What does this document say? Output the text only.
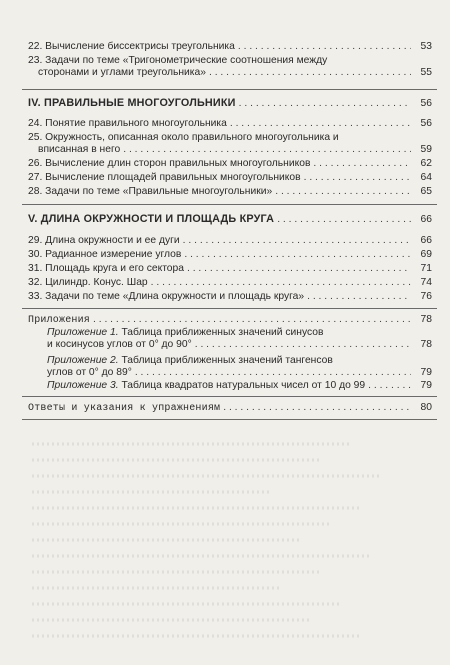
22. Вычисление биссектрисы треугольника . . .	53
23. Задачи по теме «Тригонометрические соотношения между
сторонами и углами треугольника» . . .	55
IV. ПРАВИЛЬНЫЕ МНОГОУГОЛЬНИКИ . . .	56
24. Понятие правильного многоугольника . . .	56
25. Окружность, описанная около правильного многоугольника и
вписанная в него . . .	59
26. Вычисление длин сторон правильных многоугольников . . .	62
27. Вычисление площадей правильных многоугольников . . .	64
28. Задачи по теме «Правильные многоугольники» . . .	65
V. ДЛИНА ОКРУЖНОСТИ И ПЛОЩАДЬ КРУГА . . .	66
29. Длина окружности и ее дуги . . .	66
30. Радианное измерение углов . . .	69
31. Площадь круга и его сектора . . .	71
32. Цилиндр. Конус. Шар . . .	74
33. Задачи по теме «Длина окружности и площадь круга» . . .	76
Приложения . . .	78
Приложение 1. Таблица приближенных значений синусов
и косинусов углов от 0° до 90° . . .	78
Приложение 2. Таблица приближенных значений тангенсов
углов от 0° до 89° . . .	79
Приложение 3. Таблица квадратов натуральных чисел от 10 до 99 . . .	79
Ответы и указания к упражнениям . . .	80
